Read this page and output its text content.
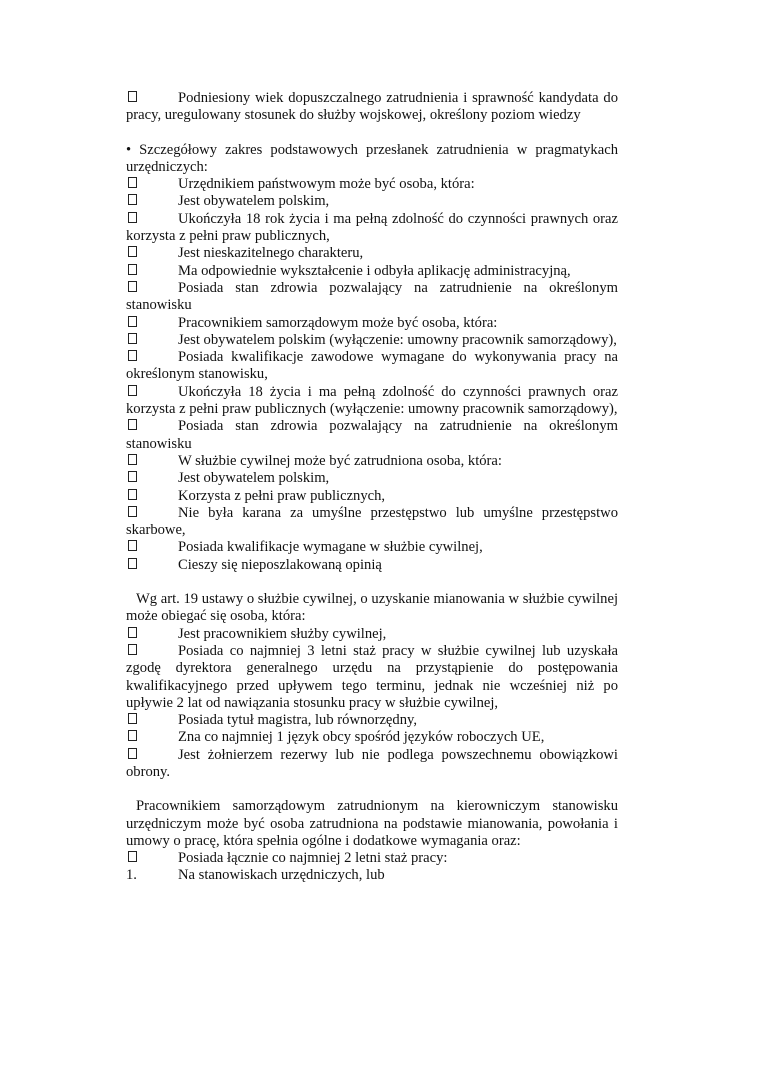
Podniesiony wiek dopuszczalnego zatrudnienia i sprawność kandydata do pracy, uregulowany stosunek do służby wojskowej, określony poziom wiedzy

• Szczegółowy zakres podstawowych przesłanek zatrudnienia w pragmatykach urzędniczych:

Urzędnikiem państwowym może być osoba, która:

Jest obywatelem polskim,

Ukończyła 18 rok życia i ma pełną zdolność do czynności prawnych oraz korzysta z pełni praw publicznych,

Jest nieskazitelnego charakteru,

Ma odpowiednie wykształcenie i odbyła aplikację administracyjną,

Posiada stan zdrowia pozwalający na zatrudnienie na określonym stanowisku

Pracownikiem samorządowym może być osoba, która:

Jest obywatelem polskim (wyłączenie: umowny pracownik samorządowy),

Posiada kwalifikacje zawodowe wymagane do wykonywania pracy na określonym stanowisku,

Ukończyła 18 życia i ma pełną zdolność do czynności prawnych oraz korzysta z pełni praw publicznych (wyłączenie: umowny pracownik samorządowy),

Posiada stan zdrowia pozwalający na zatrudnienie na określonym stanowisku

W służbie cywilnej może być zatrudniona osoba, która:

Jest obywatelem polskim,

Korzysta z pełni praw publicznych,

Nie była karana za umyślne przestępstwo lub umyślne przestępstwo skarbowe,

Posiada kwalifikacje wymagane w służbie cywilnej,

Cieszy się nieposzlakowaną opinią

Wg art. 19 ustawy o służbie cywilnej, o uzyskanie mianowania w służbie cywilnej może obiegać się osoba, która:

Jest pracownikiem służby cywilnej,

Posiada co najmniej 3 letni staż pracy w służbie cywilnej lub uzyskała zgodę dyrektora generalnego urzędu na przystąpienie do postępowania kwalifikacyjnego przed upływem tego terminu, jednak nie wcześniej niż po upływie 2 lat od nawiązania stosunku pracy w służbie cywilnej,

Posiada tytuł magistra, lub równorzędny,

Zna co najmniej 1 język obcy spośród języków roboczych UE,

Jest żołnierzem rezerwy lub nie podlega powszechnemu obowiązkowi obrony.

Pracownikiem samorządowym zatrudnionym na kierowniczym stanowisku urzędniczym może być osoba zatrudniona na podstawie mianowania, powołania i umowy o pracę, która spełnia ogólne i dodatkowe wymagania oraz:

Posiada łącznie co najmniej 2 letni staż pracy:

1.	Na stanowiskach urzędniczych, lub
